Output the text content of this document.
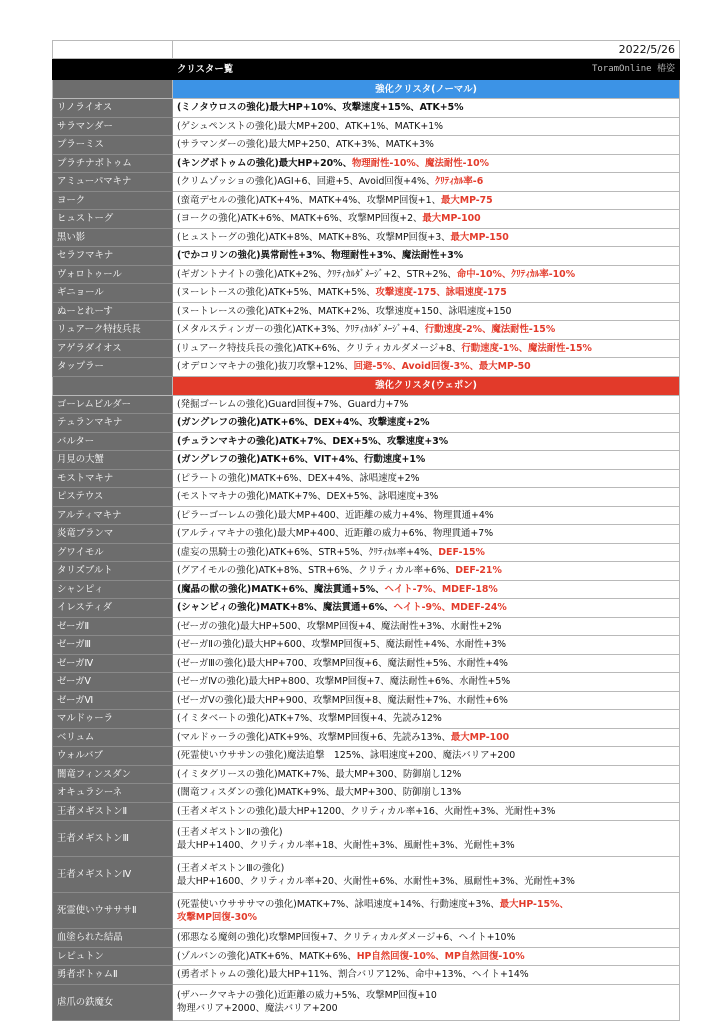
	2022/5/26
	クリスター覧 ToramOnline 椿姿

	強化クリスタ(ノーマル)
リノライオス	(ミノタウロスの強化)最大HP+10%、攻撃速度+15%、ATK+5%
サラマンダー	(ゲシュペンストの強化)最大MP+200、ATK+1%、MATK+1%
プラーミス	(サラマンダーの強化)最大MP+250、ATK+3%、MATK+3%
プラチナボトゥム	(キングボトゥムの強化)最大HP+20%、物理耐性-10%、魔法耐性-10%
アミューパマキナ	(クリムゾッショの強化)AGI+6、回避+5、Avoid回復+4%、ｸﾘﾃｨｶﾙ率-6
ヨーク	(蛮竜デセルの強化)ATK+4%、MATK+4%、攻撃MP回復+1、最大MP-75
ヒュストーグ	(ヨークの強化)ATK+6%、MATK+6%、攻撃MP回復+2、最大MP-100
黒い影	(ヒュストーグの強化)ATK+8%、MATK+8%、攻撃MP回復+3、最大MP-150
セラフマキナ	(でかコリンの強化)異常耐性+3%、物理耐性+3%、魔法耐性+3%
ヴォロトゥール	(ギガントナイトの強化)ATK+2%、ｸﾘﾃｨｶﾙﾀﾞﾒｰｼﾞ+2、STR+2%、命中-10%、ｸﾘﾃｨｶﾙ率-10%
ギニョール	(ヌーレトースの強化)ATK+5%、MATK+5%、攻撃速度-175、詠唱速度-175
ぬーとれーす	(ヌートレースの強化)ATK+2%、MATK+2%、攻撃速度+150、詠唱速度+150
リュアーク特技兵長	(メタルスティンガーの強化)ATK+3%、ｸﾘﾃｨｶﾙﾀﾞﾒｰｼﾞ+4、行動速度-2%、魔法耐性-15%
アゲラダイオス	(リュアーク特技兵長の強化)ATK+6%、クリティカルダメージ+8、行動速度-1%、魔法耐性-15%
タップラー	(オデロンマキナの強化)抜刀攻撃+12%、回避-5%、Avoid回復-3%、最大MP-50
	強化クリスタ(ウェポン)
ゴーレムビルダー	(発掘ゴーレムの強化)Guard回復+7%、Guard力+7%
テュランマキナ	(ガングレフの強化)ATK+6%、DEX+4%、攻撃速度+2%
バルター	(チュランマキナの強化)ATK+7%、DEX+5%、攻撃速度+3%
月見の大蟹	(ガングレフの強化)ATK+6%、VIT+4%、行動速度+1%
モストマキナ	(ピラートの強化)MATK+6%、DEX+4%、詠唱速度+2%
ピステウス	(モストマキナの強化)MATK+7%、DEX+5%、詠唱速度+3%
アルティマキナ	(ピラーゴーレムの強化)最大MP+400、近距離の威力+4%、物理貫通+4%
炎竜ブランマ	(アルティマキナの強化)最大MP+400、近距離の威力+6%、物理貫通+7%
グワイモル	(虚妄の黒騎士の強化)ATK+6%、STR+5%、ｸﾘﾃｨｶﾙ率+4%、DEF-15%
タリズブルト	(グアイモルの強化)ATK+8%、STR+6%、クリティカル率+6%、DEF-21%
シャンピィ	(魔晶の獣の強化)MATK+6%、魔法貫通+5%、ヘイト-7%、MDEF-18%
イレスティダ	(シャンピィの強化)MATK+8%、魔法貫通+6%、ヘイト-9%、MDEF-24%
ゼーガⅡ	(ゼーガの強化)最大HP+500、攻撃MP回復+4、魔法耐性+3%、水耐性+2%
ゼーガⅢ	(ゼーガⅡの強化)最大HP+600、攻撃MP回復+5、魔法耐性+4%、水耐性+3%
ゼーガⅣ	(ゼーガⅢの強化)最大HP+700、攻撃MP回復+6、魔法耐性+5%、水耐性+4%
ゼーガⅤ	(ゼーガⅣの強化)最大HP+800、攻撃MP回復+7、魔法耐性+6%、水耐性+5%
ゼーガⅥ	(ゼーガⅤの強化)最大HP+900、攻撃MP回復+8、魔法耐性+7%、水耐性+6%
マルドゥーラ	(イミタベートの強化)ATK+7%、攻撃MP回復+4、先読み12%
ベリュム	(マルドゥーラの強化)ATK+9%、攻撃MP回復+6、先読み13%、最大MP-100
ウォルバブ	(死霊使いウササンの強化)魔法追撃　125%、詠唱速度+200、魔法バリア+200
闇竜フィンスダン	(イミタグリースの強化)MATK+7%、最大MP+300、防御崩し12%
オキュラシーネ	(闇竜フィスダンの強化)MATK+9%、最大MP+300、防御崩し13%
王者メギストンⅡ	(王者メギストンの強化)最大HP+1200、クリティカル率+16、火耐性+3%、光耐性+3%
王者メギストンⅢ	(王者メギストンⅡの強化)
最大HP+1400、クリティカル率+18、火耐性+3%、風耐性+3%、光耐性+3%
王者メギストンⅣ	(王者メギストンⅢの強化)
最大HP+1600、クリティカル率+20、火耐性+6%、水耐性+3%、風耐性+3%、光耐性+3%
死霊使いウサササⅡ	(死霊使いウサササマの強化)MATK+7%、詠唱速度+14%、行動速度+3%、最大HP-15%、
攻撃MP回復-30%
血塗られた結晶	(邪悪なる魔剣の強化)攻撃MP回復+7、クリティカルダメージ+6、ヘイト+10%
レピュトン	(ゾルバンの強化)ATK+6%、MATK+6%、HP自然回復-10%、MP自然回復-10%
勇者ボトゥムⅡ	(勇者ボトゥムの強化)最大HP+11%、割合バリア12%、命中+13%、ヘイト+14%
虐爪の鉄魔女	(ザハークマキナの強化)近距離の威力+5%、攻撃MP回復+10
物理バリア+2000、魔法バリア+200
